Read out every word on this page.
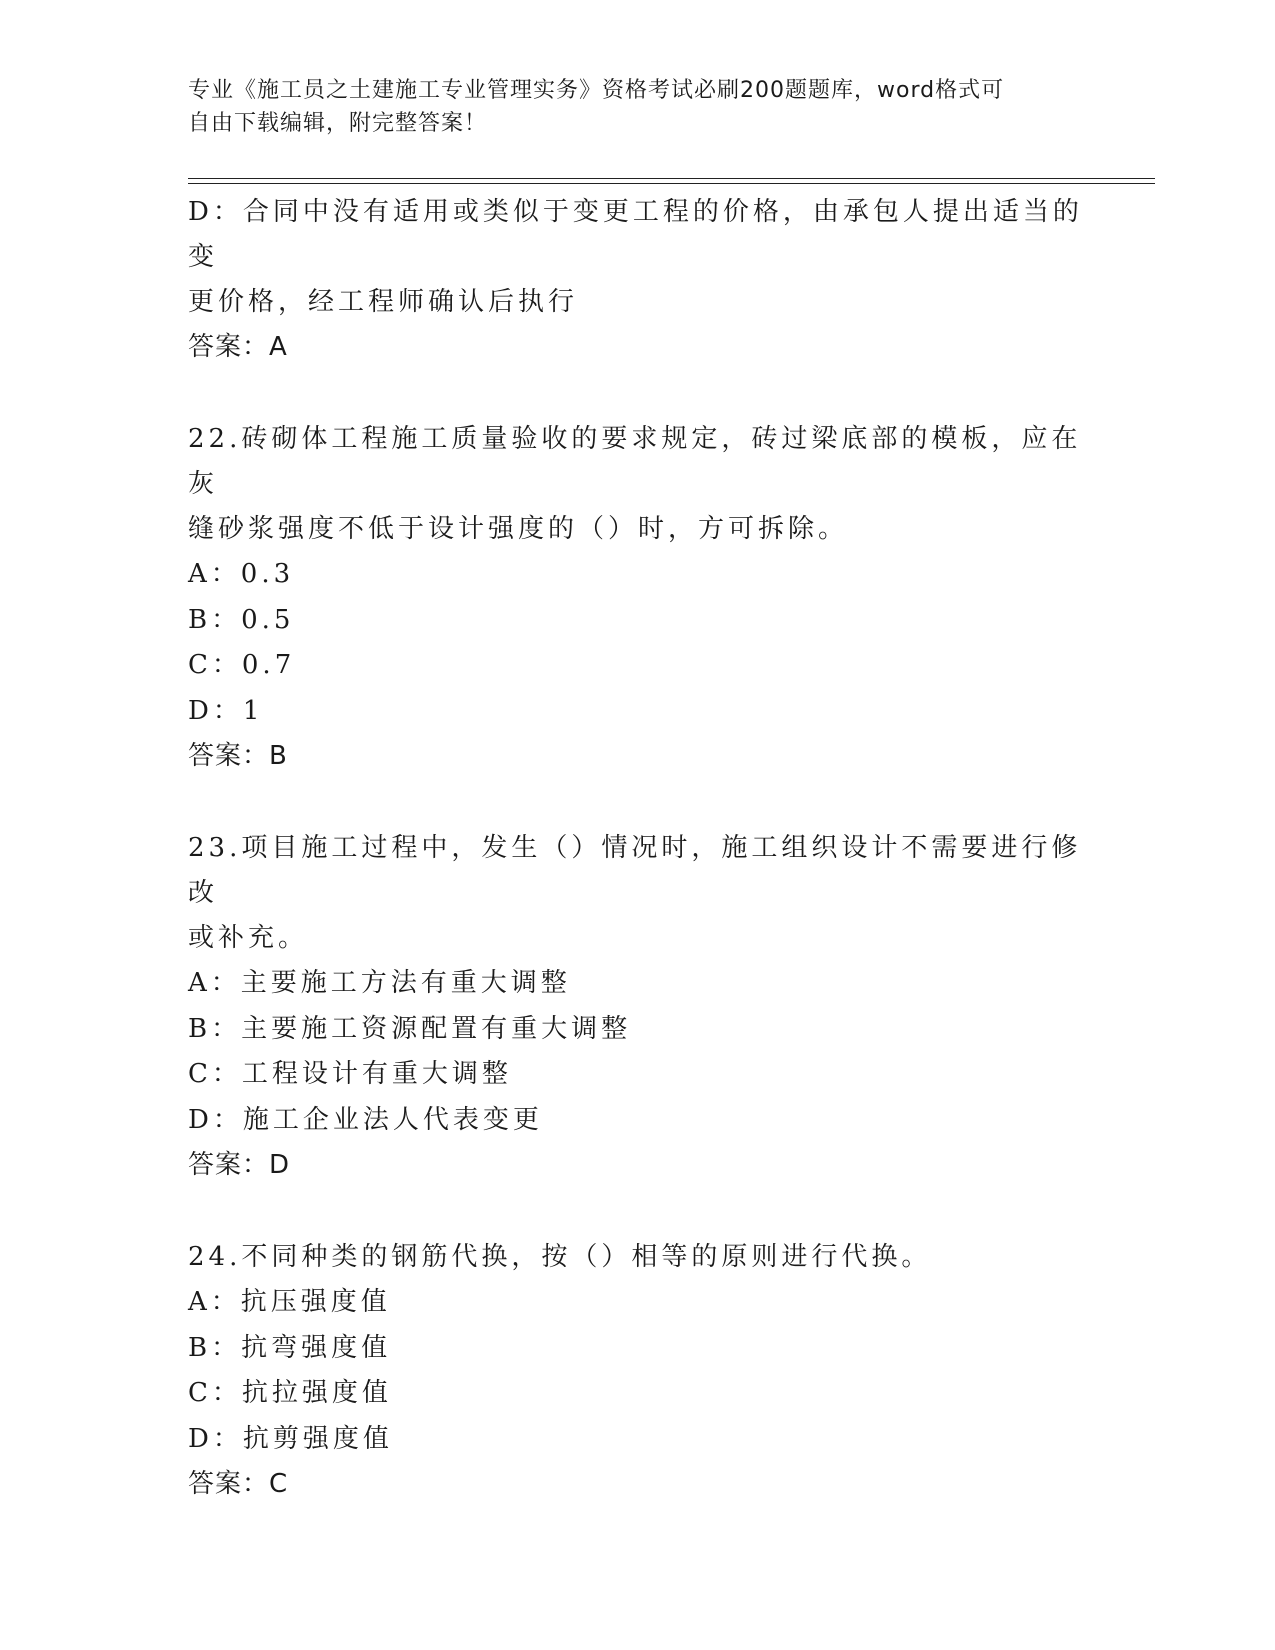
专业《施工员之土建施工专业管理实务》资格考试必刷200题题库，word格式可
自由下载编辑，附完整答案！
D：合同中没有适用或类似于变更工程的价格，由承包人提出适当的变
更价格，经工程师确认后执行
答案：A
22.砖砌体工程施工质量验收的要求规定，砖过梁底部的模板，应在灰
缝砂浆强度不低于设计强度的（）时，方可拆除。
A：0.3
B：0.5
C：0.7
D：1
答案：B
23.项目施工过程中，发生（）情况时，施工组织设计不需要进行修改
或补充。
A：主要施工方法有重大调整
B：主要施工资源配置有重大调整
C：工程设计有重大调整
D：施工企业法人代表变更
答案：D
24.不同种类的钢筋代换，按（）相等的原则进行代换。
A：抗压强度值
B：抗弯强度值
C：抗拉强度值
D：抗剪强度值
答案：C
